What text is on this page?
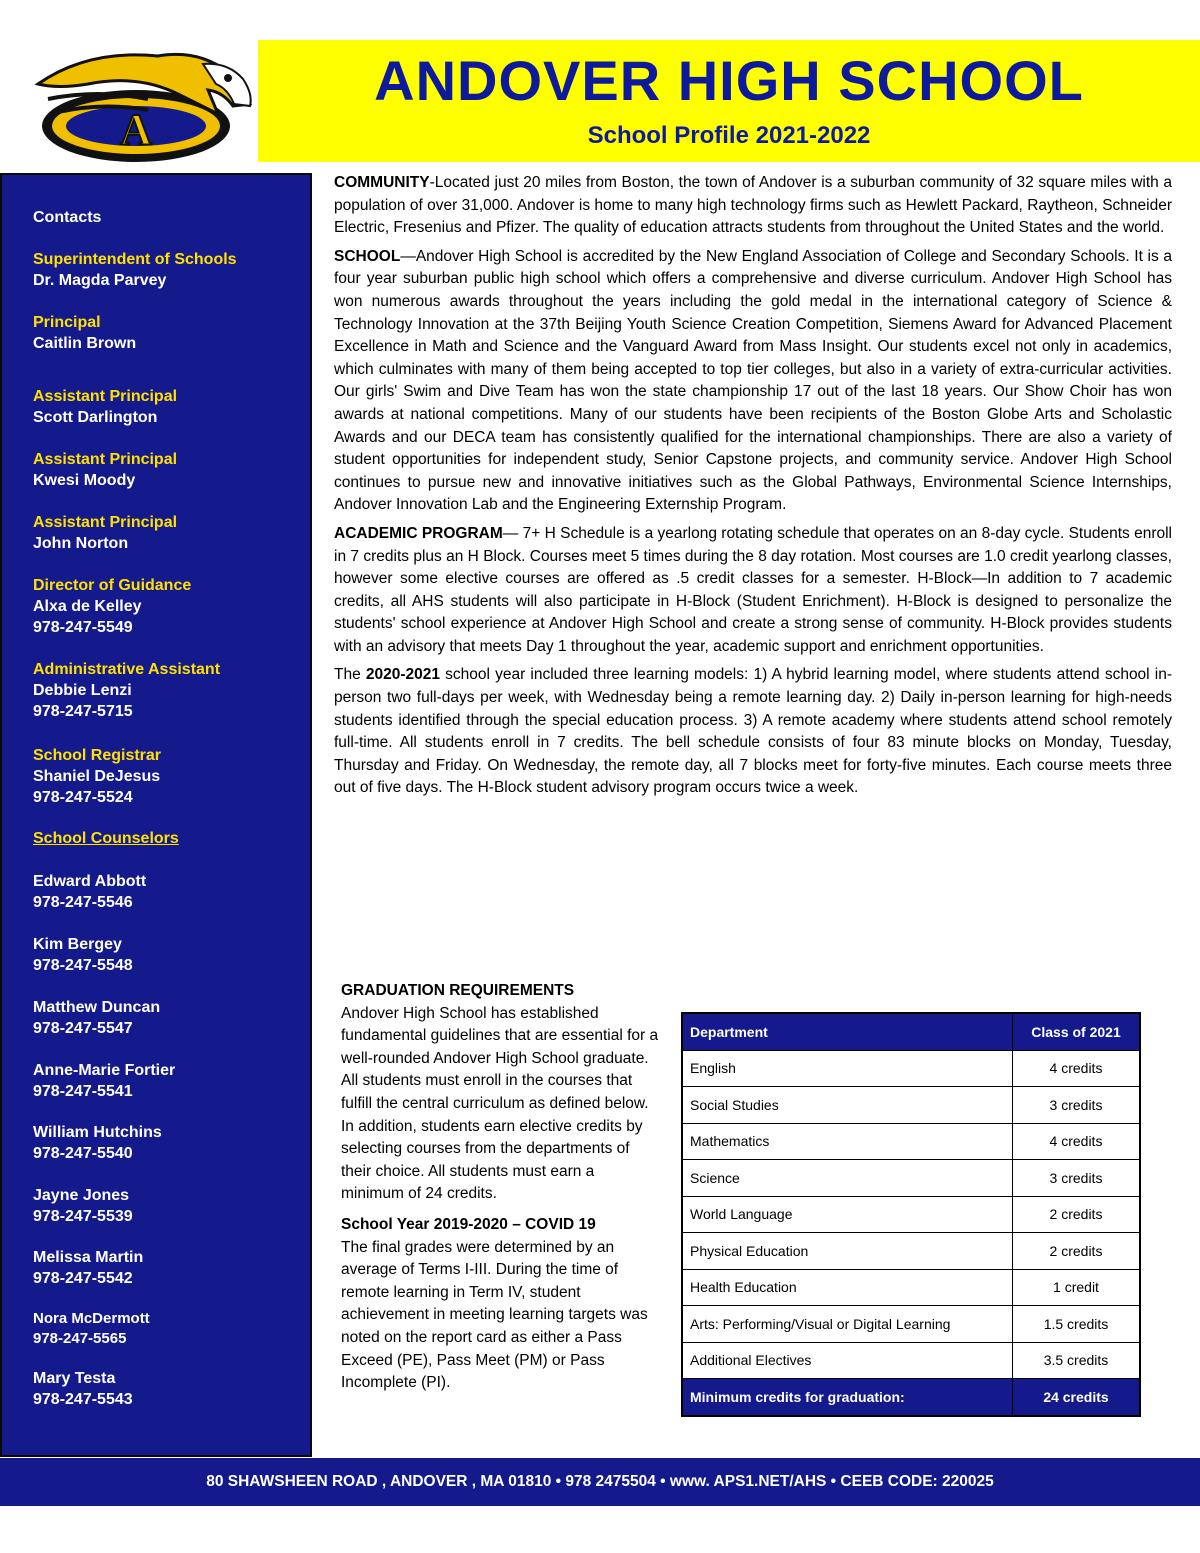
A
ANDOVER HIGH SCHOOL
School Profile 2021-2022
Contacts
Superintendent of Schools
Dr. Magda Parvey
Principal
Caitlin Brown
Assistant Principal
Scott Darlington
Assistant Principal
Kwesi Moody
Assistant Principal
John Norton
Director of Guidance
Alxa de Kelley
978-247-5549
Administrative Assistant
Debbie Lenzi
978-247-5715
School Registrar
Shaniel DeJesus
978-247-5524
School Counselors
Edward Abbott
978-247-5546
Kim Bergey
978-247-5548
Matthew Duncan
978-247-5547
Anne-Marie Fortier
978-247-5541
William Hutchins
978-247-5540
Jayne Jones
978-247-5539
Melissa Martin
978-247-5542
Nora McDermott
978-247-5565
Mary Testa
978-247-5543

COMMUNITY-Located just 20 miles from Boston, the town of Andover is a suburban community of 32 square miles with a population of over 31,000. Andover is home to many high technology firms such as Hewlett Packard, Raytheon, Schneider Electric, Fresenius and Pfizer. The quality of education attracts students from throughout the United States and the world.

SCHOOL—Andover High School is accredited by the New England Association of College and Secondary Schools. It is a four year suburban public high school which offers a comprehensive and diverse curriculum. Andover High School has won numerous awards throughout the years including the gold medal in the international category of Science & Technology Innovation at the 37th Beijing Youth Science Creation Competition, Siemens Award for Advanced Placement Excellence in Math and Science and the Vanguard Award from Mass Insight. Our students excel not only in academics, which culminates with many of them being accepted to top tier colleges, but also in a variety of extra-curricular activities. Our girls' Swim and Dive Team has won the state championship 17 out of the last 18 years. Our Show Choir has won awards at national competitions. Many of our students have been recipients of the Boston Globe Arts and Scholastic Awards and our DECA team has consistently qualified for the international championships. There are also a variety of student opportunities for independent study, Senior Capstone projects, and community service. Andover High School continues to pursue new and innovative initiatives such as the Global Pathways, Environmental Science Internships, Andover Innovation Lab and the Engineering Externship Program.

ACADEMIC PROGRAM— 7+ H Schedule is a yearlong rotating schedule that operates on an 8-day cycle. Students enroll in 7 credits plus an H Block. Courses meet 5 times during the 8 day rotation. Most courses are 1.0 credit yearlong classes, however some elective courses are offered as .5 credit classes for a semester. H-Block—In addition to 7 academic credits, all AHS students will also participate in H-Block (Student Enrichment). H-Block is designed to personalize the students' school experience at Andover High School and create a strong sense of community. H-Block provides students with an advisory that meets Day 1 throughout the year, academic support and enrichment opportunities.

The 2020-2021 school year included three learning models: 1) A hybrid learning model, where students attend school in-person two full-days per week, with Wednesday being a remote learning day. 2) Daily in-person learning for high-needs students identified through the special education process. 3) A remote academy where students attend school remotely full-time. All students enroll in 7 credits. The bell schedule consists of four 83 minute blocks on Monday, Tuesday, Thursday and Friday. On Wednesday, the remote day, all 7 blocks meet for forty-five minutes. Each course meets three out of five days. The H-Block student advisory program occurs twice a week.

GRADUATION REQUIREMENTS

Andover High School has established fundamental guidelines that are essential for a well-rounded Andover High School graduate. All students must enroll in the courses that fulfill the central curriculum as defined below. In addition, students earn elective credits by selecting courses from the departments of their choice. All students must earn a minimum of 24 credits.

School Year 2019-2020 – COVID 19

The final grades were determined by an average of Terms I-III. During the time of remote learning in Term IV, student achievement in meeting learning targets was noted on the report card as either a Pass Exceed (PE), Pass Meet (PM) or Pass Incomplete (PI).

Department	Class of 2021
English	4 credits
Social Studies	3 credits
Mathematics	4 credits
Science	3 credits
World Language	2 credits
Physical Education	2 credits
Health Education	1 credit
Arts: Performing/Visual or Digital Learning	1.5 credits
Additional Electives	3.5 credits
Minimum credits for graduation:	24 credits
80 SHAWSHEEN ROAD , ANDOVER , MA 01810 • 978 2475504 • www. APS1.NET/AHS • CEEB CODE: 220025
